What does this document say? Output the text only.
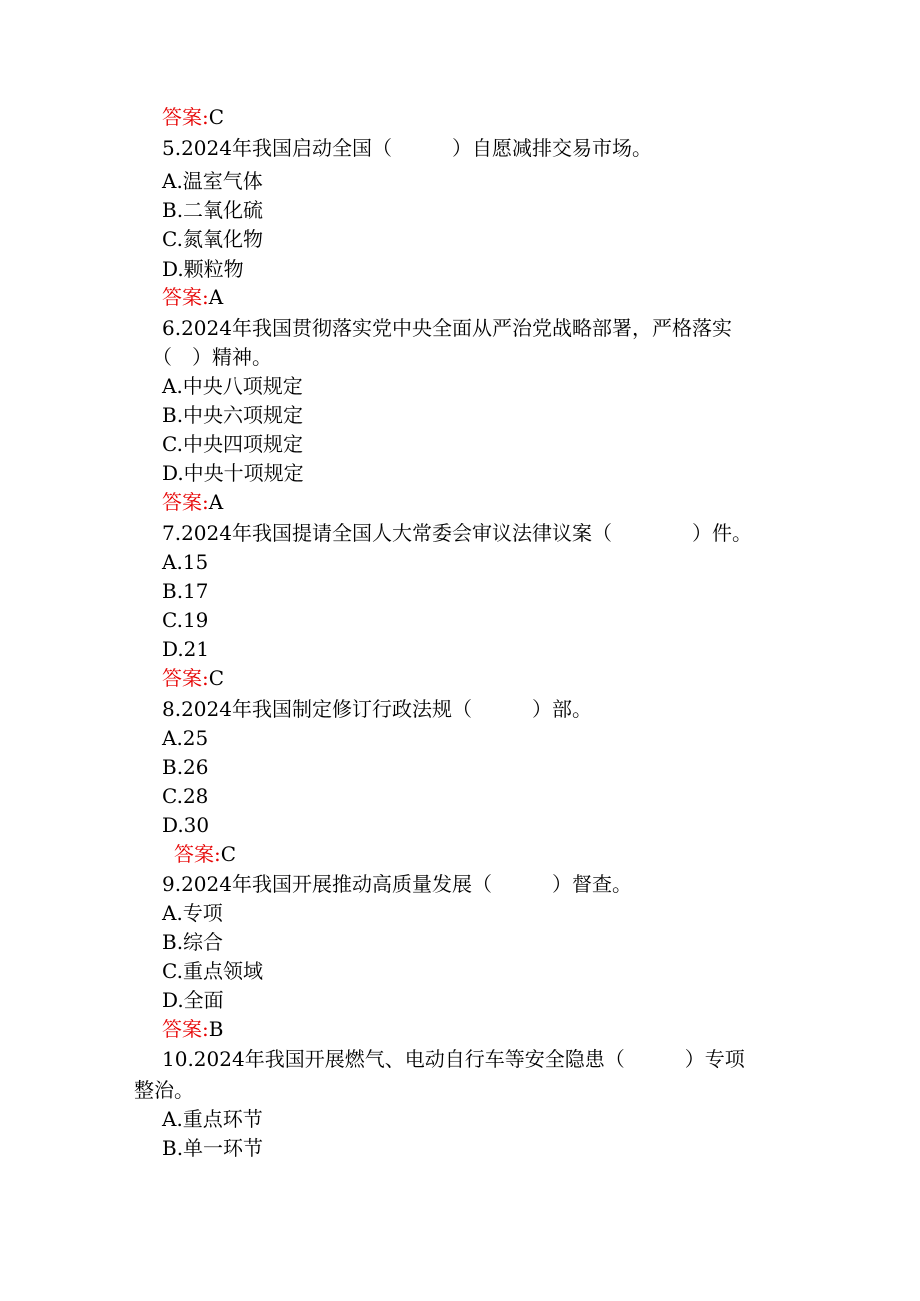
答案:C
5.2024年我国启动全国（　　　）自愿减排交易市场。
A.温室气体
B.二氧化硫
C.氮氧化物
D.颗粒物
答案:A
6.2024年我国贯彻落实党中央全面从严治党战略部署，严格落实
（　）精神。
A.中央八项规定
B.中央六项规定
C.中央四项规定
D.中央十项规定
答案:A
7.2024年我国提请全国人大常委会审议法律议案（　　　　）件。
A.15
B.17
C.19
D.21
答案:C
8.2024年我国制定修订行政法规（　　　）部。
A.25
B.26
C.28
D.30
答案:C
9.2024年我国开展推动高质量发展（　　　）督查。
A.专项
B.综合
C.重点领域
D.全面
答案:B
10.2024年我国开展燃气、电动自行车等安全隐患（　　　）专项
整治。
A.重点环节
B.单一环节
